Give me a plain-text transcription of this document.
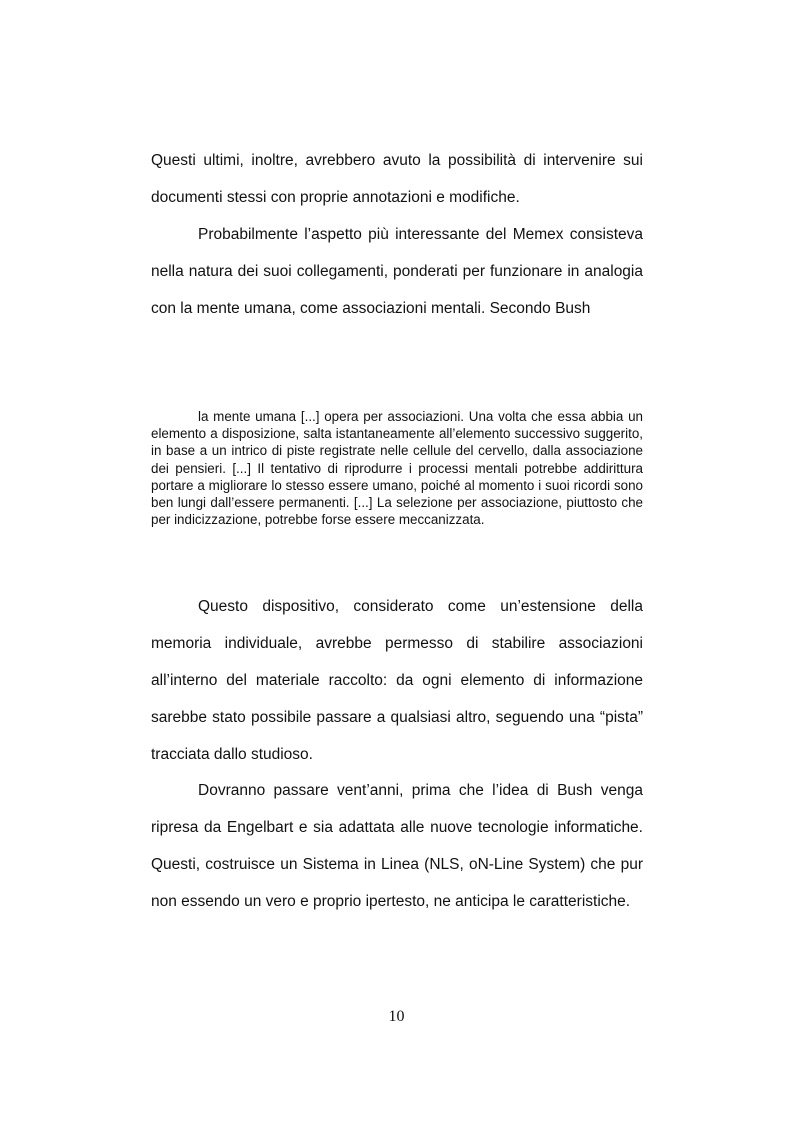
Questi ultimi, inoltre, avrebbero avuto la possibilità di intervenire sui documenti stessi con proprie annotazioni e modifiche.

Probabilmente l’aspetto più interessante del Memex consisteva nella natura dei suoi collegamenti, ponderati per funzionare in analogia con la mente umana, come associazioni mentali. Secondo Bush

la mente umana [...] opera per associazioni. Una volta che essa abbia un elemento a disposizione, salta istantaneamente all’elemento successivo suggerito, in base a un intrico di piste registrate nelle cellule del cervello, dalla associazione dei pensieri. [...] Il tentativo di riprodurre i processi mentali potrebbe addirittura portare a migliorare lo stesso essere umano, poiché al momento i suoi ricordi sono ben lungi dall’essere permanenti. [...] La selezione per associazione, piuttosto che per indicizzazione, potrebbe forse essere meccanizzata.

Questo dispositivo, considerato come un’estensione della memoria individuale, avrebbe permesso di stabilire associazioni all’interno del materiale raccolto: da ogni elemento di informazione sarebbe stato possibile passare a qualsiasi altro, seguendo una “pista” tracciata dallo studioso.

Dovranno passare vent’anni, prima che l’idea di Bush venga ripresa da Engelbart e sia adattata alle nuove tecnologie informatiche. Questi, costruisce un Sistema in Linea (NLS, oN-Line System) che pur non essendo un vero e proprio ipertesto, ne anticipa le caratteristiche.

10
